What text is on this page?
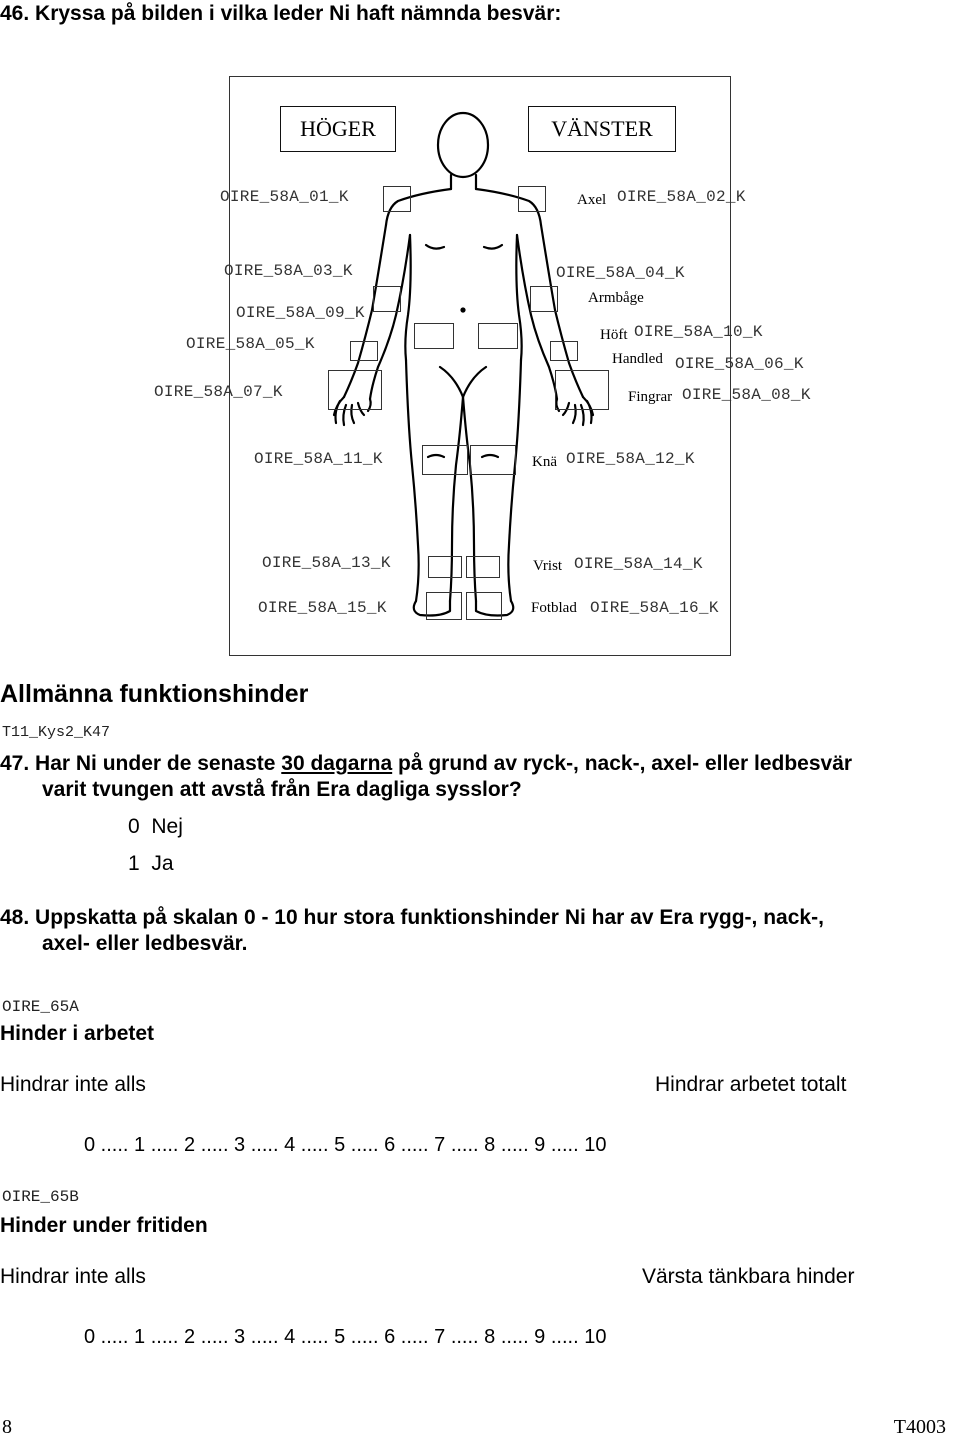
46. Kryssa på bilden i vilka leder Ni haft nämnda besvär:
HÖGER	VÄNSTER
OIRE_58A_01_K
OIRE_58A_03_K
OIRE_58A_09_K
OIRE_58A_05_K
OIRE_58A_07_K
OIRE_58A_11_K
OIRE_58A_13_K
OIRE_58A_15_K
Axel OIRE_58A_02_K
OIRE_58A_04_K
Armbåge
Höft OIRE_58A_10_K
Handled OIRE_58A_06_K
Fingrar OIRE_58A_08_K
Knä OIRE_58A_12_K
Vrist OIRE_58A_14_K
Fotblad OIRE_58A_16_K
Allmänna funktionshinder
T11_Kys2_K47
47. Har Ni under de senaste 30 dagarna på grund av ryck-, nack-, axel- eller ledbesvär
varit tvungen att avstå från Era dagliga sysslor?
0 Nej
1 Ja
48. Uppskatta på skalan 0 - 10 hur stora funktionshinder Ni har av Era rygg-, nack-,
axel- eller ledbesvär.
OIRE_65A
Hinder i arbetet
Hindrar inte alls	Hindrar arbetet totalt
0 ..... 1 ..... 2 ..... 3 ..... 4 ..... 5 ..... 6 ..... 7 ..... 8 ..... 9 ..... 10
OIRE_65B
Hinder under fritiden
Hindrar inte alls	Värsta tänkbara hinder
0 ..... 1 ..... 2 ..... 3 ..... 4 ..... 5 ..... 6 ..... 7 ..... 8 ..... 9 ..... 10
8	T4003
